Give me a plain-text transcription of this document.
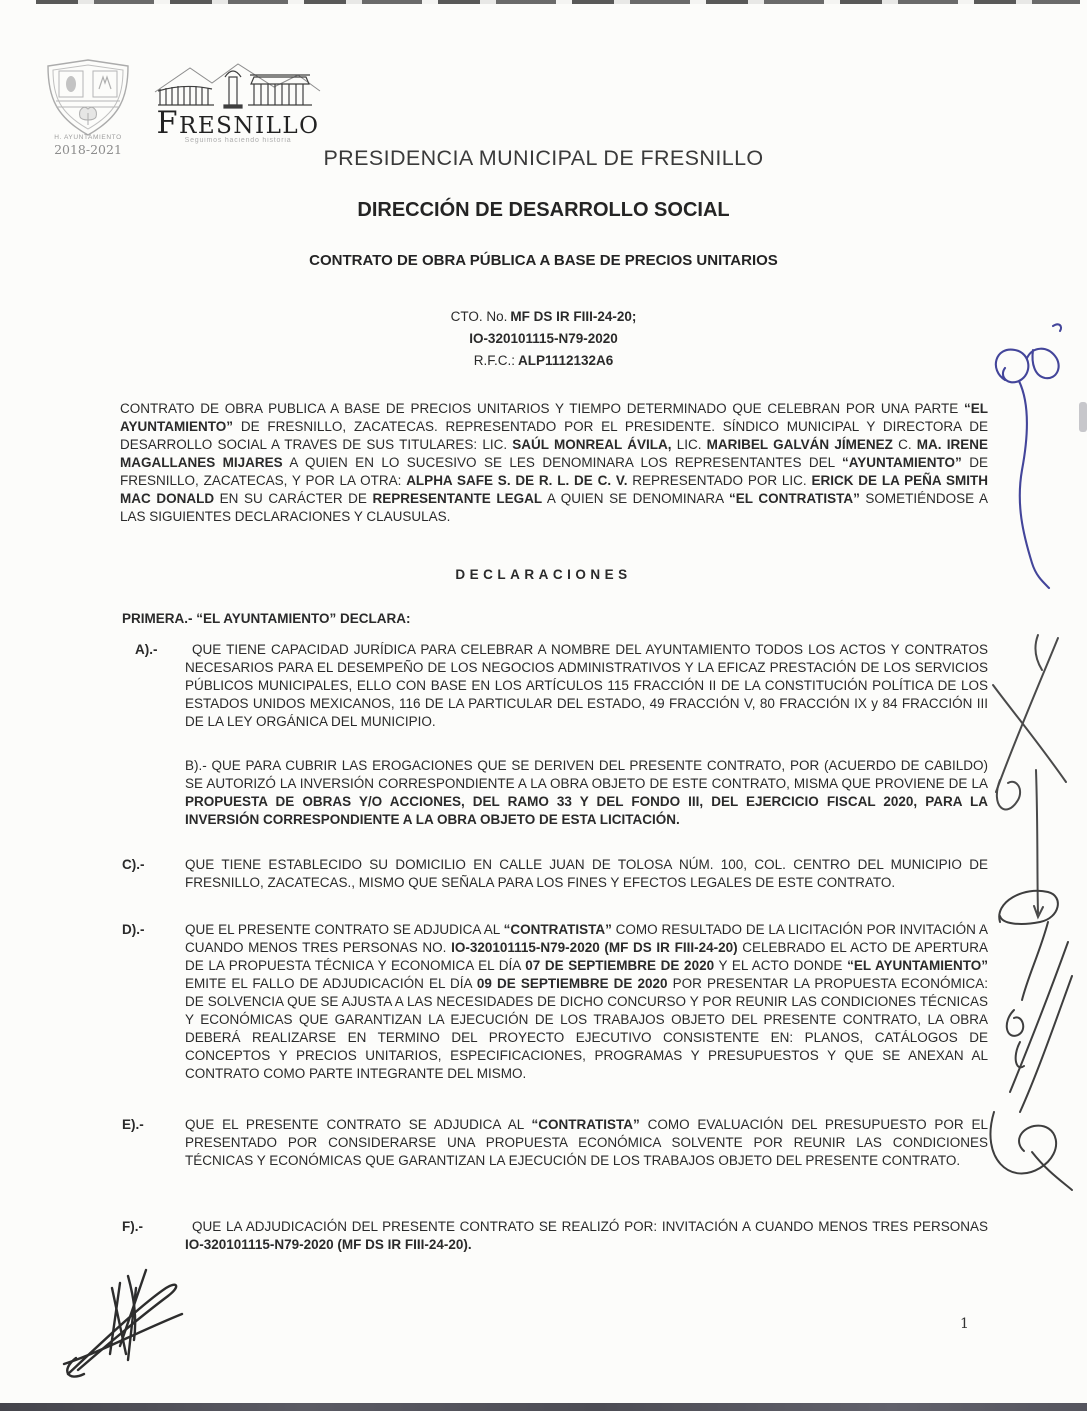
H. AYUNTAMIENTO
2018-2021
FRESNILLO
Seguimos haciendo historia
PRESIDENCIA MUNICIPAL DE FRESNILLO
DIRECCIÓN DE DESARROLLO SOCIAL
CONTRATO DE OBRA PÚBLICA A BASE DE PRECIOS UNITARIOS
CTO. No. MF DS IR FIII-24-20;
IO-320101115-N79-2020
R.F.C.: ALP1112132A6
CONTRATO DE OBRA PUBLICA A BASE DE PRECIOS UNITARIOS Y TIEMPO DETERMINADO QUE CELEBRAN POR UNA PARTE “EL AYUNTAMIENTO” DE FRESNILLO, ZACATECAS. REPRESENTADO POR EL PRESIDENTE. SÍNDICO MUNICIPAL Y DIRECTORA DE DESARROLLO SOCIAL A TRAVES DE SUS TITULARES: LIC. SAÚL MONREAL ÁVILA, LIC. MARIBEL GALVÁN JÍMENEZ C. MA. IRENE MAGALLANES MIJARES A QUIEN EN LO SUCESIVO SE LES DENOMINARA LOS REPRESENTANTES DEL “AYUNTAMIENTO” DE FRESNILLO, ZACATECAS, Y POR LA OTRA: ALPHA SAFE S. DE R. L. DE C. V. REPRESENTADO POR LIC. ERICK DE LA PEÑA SMITH MAC DONALD EN SU CARÁCTER DE REPRESENTANTE LEGAL A QUIEN SE DENOMINARA “EL CONTRATISTA” SOMETIÉNDOSE A LAS SIGUIENTES DECLARACIONES Y CLAUSULAS.
DECLARACIONES
PRIMERA.- “EL AYUNTAMIENTO” DECLARA:
A).-	QUE TIENE CAPACIDAD JURÍDICA PARA CELEBRAR A NOMBRE DEL AYUNTAMIENTO TODOS LOS ACTOS Y CONTRATOS NECESARIOS PARA EL DESEMPEÑO DE LOS NEGOCIOS ADMINISTRATIVOS Y LA EFICAZ PRESTACIÓN DE LOS SERVICIOS PÚBLICOS MUNICIPALES, ELLO CON BASE EN LOS ARTÍCULOS 115 FRACCIÓN II DE LA CONSTITUCIÓN POLÍTICA DE LOS ESTADOS UNIDOS MEXICANOS, 116 DE LA PARTICULAR DEL ESTADO, 49 FRACCIÓN V, 80 FRACCIÓN IX y 84 FRACCIÓN III DE LA LEY ORGÁNICA DEL MUNICIPIO.
B).- QUE PARA CUBRIR LAS EROGACIONES QUE SE DERIVEN DEL PRESENTE CONTRATO, POR (ACUERDO DE CABILDO) SE AUTORIZÓ LA INVERSIÓN CORRESPONDIENTE A LA OBRA OBJETO DE ESTE CONTRATO, MISMA QUE PROVIENE DE LA PROPUESTA DE OBRAS Y/O ACCIONES, DEL RAMO 33 Y DEL FONDO III, DEL EJERCICIO FISCAL 2020, PARA LA INVERSIÓN CORRESPONDIENTE A LA OBRA OBJETO DE ESTA LICITACIÓN.
C).-	QUE TIENE ESTABLECIDO SU DOMICILIO EN CALLE JUAN DE TOLOSA NÚM. 100, COL. CENTRO DEL MUNICIPIO DE FRESNILLO, ZACATECAS., MISMO QUE SEÑALA PARA LOS FINES Y EFECTOS LEGALES DE ESTE CONTRATO.
D).-	QUE EL PRESENTE CONTRATO SE ADJUDICA AL “CONTRATISTA” COMO RESULTADO DE LA LICITACIÓN POR INVITACIÓN A CUANDO MENOS TRES PERSONAS NO. IO-320101115-N79-2020 (MF DS IR FIII-24-20) CELEBRADO EL ACTO DE APERTURA DE LA PROPUESTA TÉCNICA Y ECONOMICA EL DÍA 07 DE SEPTIEMBRE DE 2020 Y EL ACTO DONDE “EL AYUNTAMIENTO” EMITE EL FALLO DE ADJUDICACIÓN EL DÍA 09 DE SEPTIEMBRE DE 2020 POR PRESENTAR LA PROPUESTA ECONÓMICA: DE SOLVENCIA QUE SE AJUSTA A LAS NECESIDADES DE DICHO CONCURSO Y POR REUNIR LAS CONDICIONES TÉCNICAS Y ECONÓMICAS QUE GARANTIZAN LA EJECUCIÓN DE LOS TRABAJOS OBJETO DEL PRESENTE CONTRATO, LA OBRA DEBERÁ REALIZARSE EN TERMINO DEL PROYECTO EJECUTIVO CONSISTENTE EN: PLANOS, CATÁLOGOS DE CONCEPTOS Y PRECIOS UNITARIOS, ESPECIFICACIONES, PROGRAMAS Y PRESUPUESTOS Y QUE SE ANEXAN AL CONTRATO COMO PARTE INTEGRANTE DEL MISMO.
E).-	QUE EL PRESENTE CONTRATO SE ADJUDICA AL “CONTRATISTA” COMO EVALUACIÓN DEL PRESUPUESTO POR EL PRESENTADO POR CONSIDERARSE UNA PROPUESTA ECONÓMICA SOLVENTE POR REUNIR LAS CONDICIONES TÉCNICAS Y ECONÓMICAS QUE GARANTIZAN LA EJECUCIÓN DE LOS TRABAJOS OBJETO DEL PRESENTE CONTRATO.
F).-	QUE LA ADJUDICACIÓN DEL PRESENTE CONTRATO SE REALIZÓ POR: INVITACIÓN A CUANDO MENOS TRES PERSONAS IO-320101115-N79-2020 (MF DS IR FIII-24-20).
1
